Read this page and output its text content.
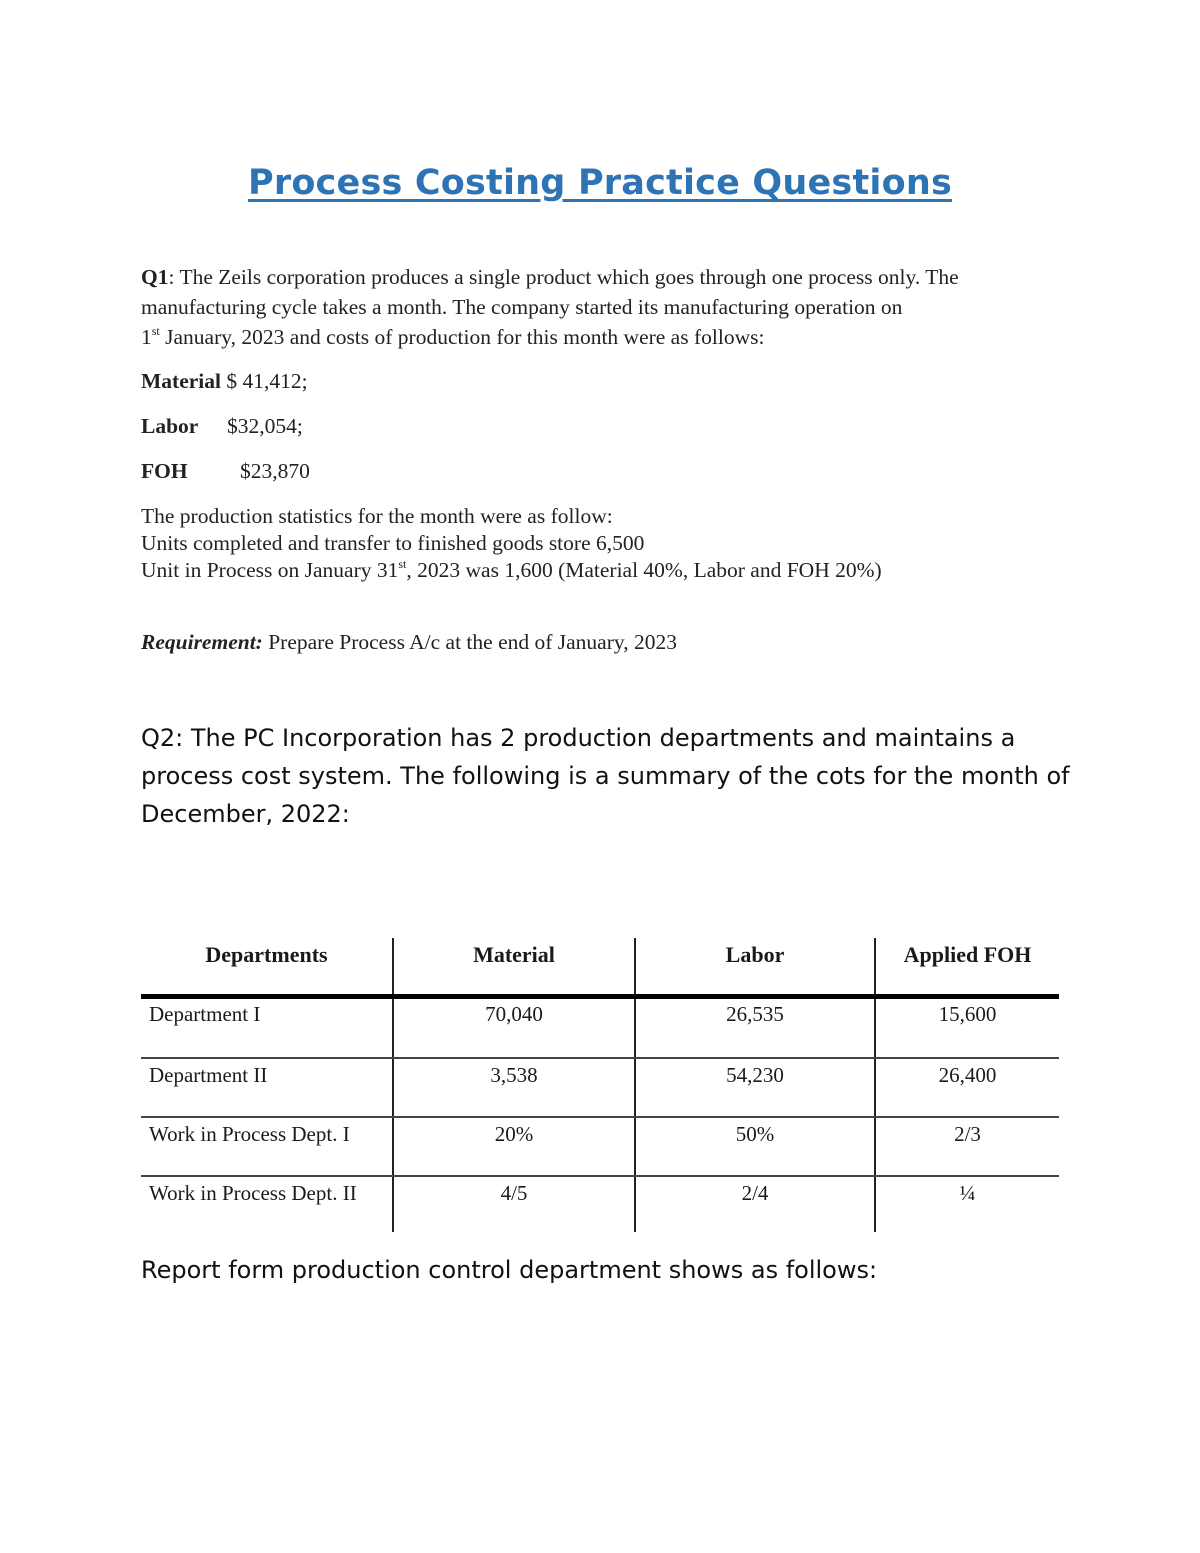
Process Costing Practice Questions
Q1: The Zeils corporation produces a single product which goes through one process only. The
manufacturing cycle takes a month. The company started its manufacturing operation on
1st January, 2023 and costs of production for this month were as follows:
Material $ 41,412;
Labor $32,054;
FOH $23,870
The production statistics for the month were as follow:
Units completed and transfer to finished goods store 6,500
Unit in Process on January 31st, 2023 was 1,600 (Material 40%, Labor and FOH 20%)
Requirement: Prepare Process A/c at the end of January, 2023
Q2: The PC Incorporation has 2 production departments and maintains a
process cost system. The following is a summary of the cots for the month of
December, 2022:
Departments	Material	Labor	Applied FOH
Department I	70,040	26,535	15,600
Department II	3,538	54,230	26,400
Work in Process Dept. I	20%	50%	2/3
Work in Process Dept. II	4/5	2/4	¼
Report form production control department shows as follows:
